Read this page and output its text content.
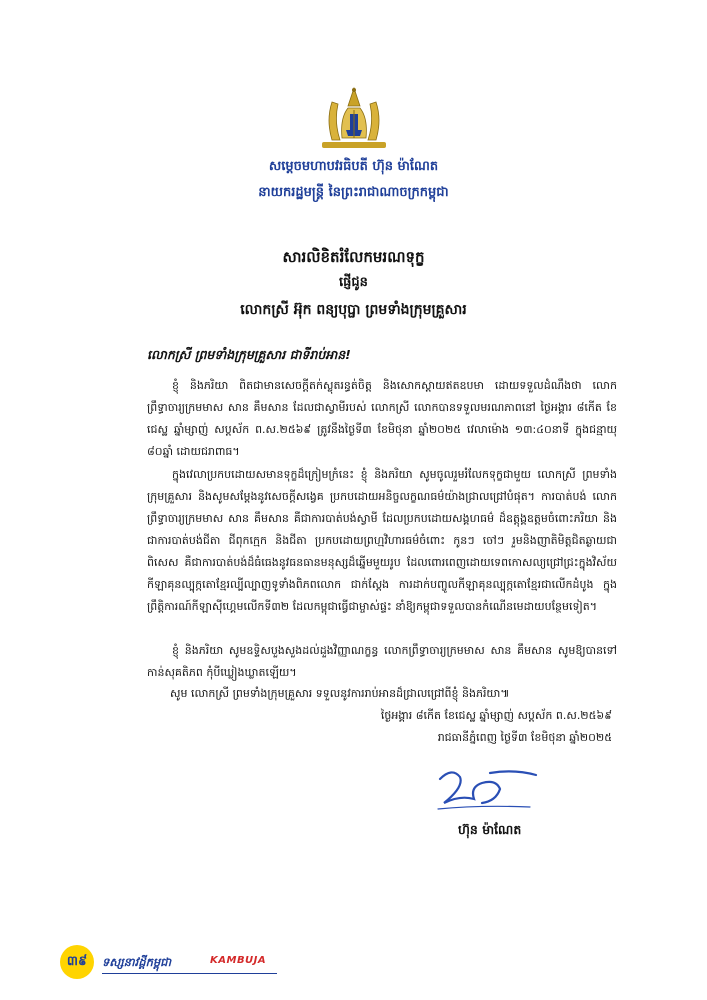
សម្តេចមហាបវរធិបតី ហ៊ុន ម៉ាណែត
នាយករដ្ឋមន្ត្រី នៃព្រះរាជាណាចក្រកម្ពុជា
សារលិខិតរំលែកមរណទុក្ខ
ផ្ញើជូន
លោកស្រី អ៊ុក ពន្យបុប្ផា ព្រមទាំងក្រុមគ្រួសារ
លោកស្រី ព្រមទាំងក្រុមគ្រួសារ ជាទីរាប់អាន!
ខ្ញុំ និងភរិយា ពិតជាមានសេចក្តីតក់ស្លុតរន្ធត់ចិត្ត និងសោកស្តាយឥតឧបមា ដោយទទួលដំណឹងថា លោកព្រឹទ្ធាចារ្យក្រមមាស សាន គឹមសាន ដែលជាស្វាមីរបស់ លោកស្រី លោកបានទទួលមរណភាពនៅ ថ្ងៃអង្គារ ៨កើត ខែជេស្ឋ ឆ្នាំម្សាញ់ សប្តស័ក ព.ស.២៥៦៩ ត្រូវនឹងថ្ងៃទី៣ ខែមិថុនា ឆ្នាំ២០២៥ វេលាម៉ោង ១៣:៤០នាទី ក្នុងជន្មាយុ ៨០ឆ្នាំ ដោយជរាពាធ។
ក្នុងវេលាប្រកបដោយសមានទុក្ខដ៏ក្រៀមក្រំនេះ ខ្ញុំ និងភរិយា សូមចូលរួមរំលែកទុក្ខជាមួយ លោកស្រី ព្រមទាំងក្រុមគ្រួសារ និងសូមសម្តែងនូវសេចក្តីសង្វេគ ប្រកបដោយអនិច្ចលក្ខណធម៌យ៉ាងជ្រាលជ្រៅបំផុត។ ការបាត់បង់ លោកព្រឹទ្ធាចារ្យក្រមមាស សាន គឹមសាន គឺជាការបាត់បង់ស្វាមី ដែលប្រកបដោយសង្គហធម៌ ដ៏ឧត្តុង្គឧត្តមចំពោះភរិយា និងជាការបាត់បង់ជីតា ជីពុកក្មេក និងជីតា ប្រកបដោយព្រហ្មវិហារធម៌ចំពោះ កូនៗ ចៅៗ រួមនិងញាតិមិត្តជិតឆ្ងាយជាពិសេស គឺជាការបាត់បង់ដ៏ធំធេងនូវធនធានមនុស្សដ៏ឆ្នើមមួយរូប ដែលពោរពេញដោយទេពកោសល្យជ្រៅជ្រះក្នុងវិស័យកីឡាគុនល្បុក្កតោខ្មែរល្បីល្បាញទូទាំងពិភពលោក ជាក់ស្តែង ការដាក់បញ្ចូលកីឡាគុនល្បុក្កតោខ្មែរជាលើកដំបូង ក្នុងព្រឹត្តិការណ៍កីឡាស៊ីហ្គេមលើកទី៣២ ដែលកម្ពុជាធ្វើជាម្ចាស់ផ្ទះ នាំឱ្យកម្ពុជាទទួលបានកំណើនមេដាយបន្ថែមទៀត។
ខ្ញុំ និងភរិយា សូមឧទ្ទិសបួងសួងដល់ដួងវិញ្ញាណក្ខន្ធ លោកព្រឹទ្ធាចារ្យក្រមមាស សាន គឹមសាន សូមឱ្យបានទៅកាន់សុគតិភព កុំបីឃ្លៀងឃ្លាតឡើយ។
សូម លោកស្រី ព្រមទាំងក្រុមគ្រួសារ ទទួលនូវការរាប់អានដ៏ជ្រាលជ្រៅពីខ្ញុំ និងភរិយា៕
ថ្ងៃអង្គារ ៨កើត ខែជេស្ឋ ឆ្នាំម្សាញ់ សប្តស័ក ព.ស.២៥៦៩
រាជធានីភ្នំពេញ ថ្ងៃទី៣ ខែមិថុនា ឆ្នាំ២០២៥
ហ៊ុន ម៉ាណែត
៣៩	ទស្សនាវដ្តីកម្ពុជា	KAMBUJA
